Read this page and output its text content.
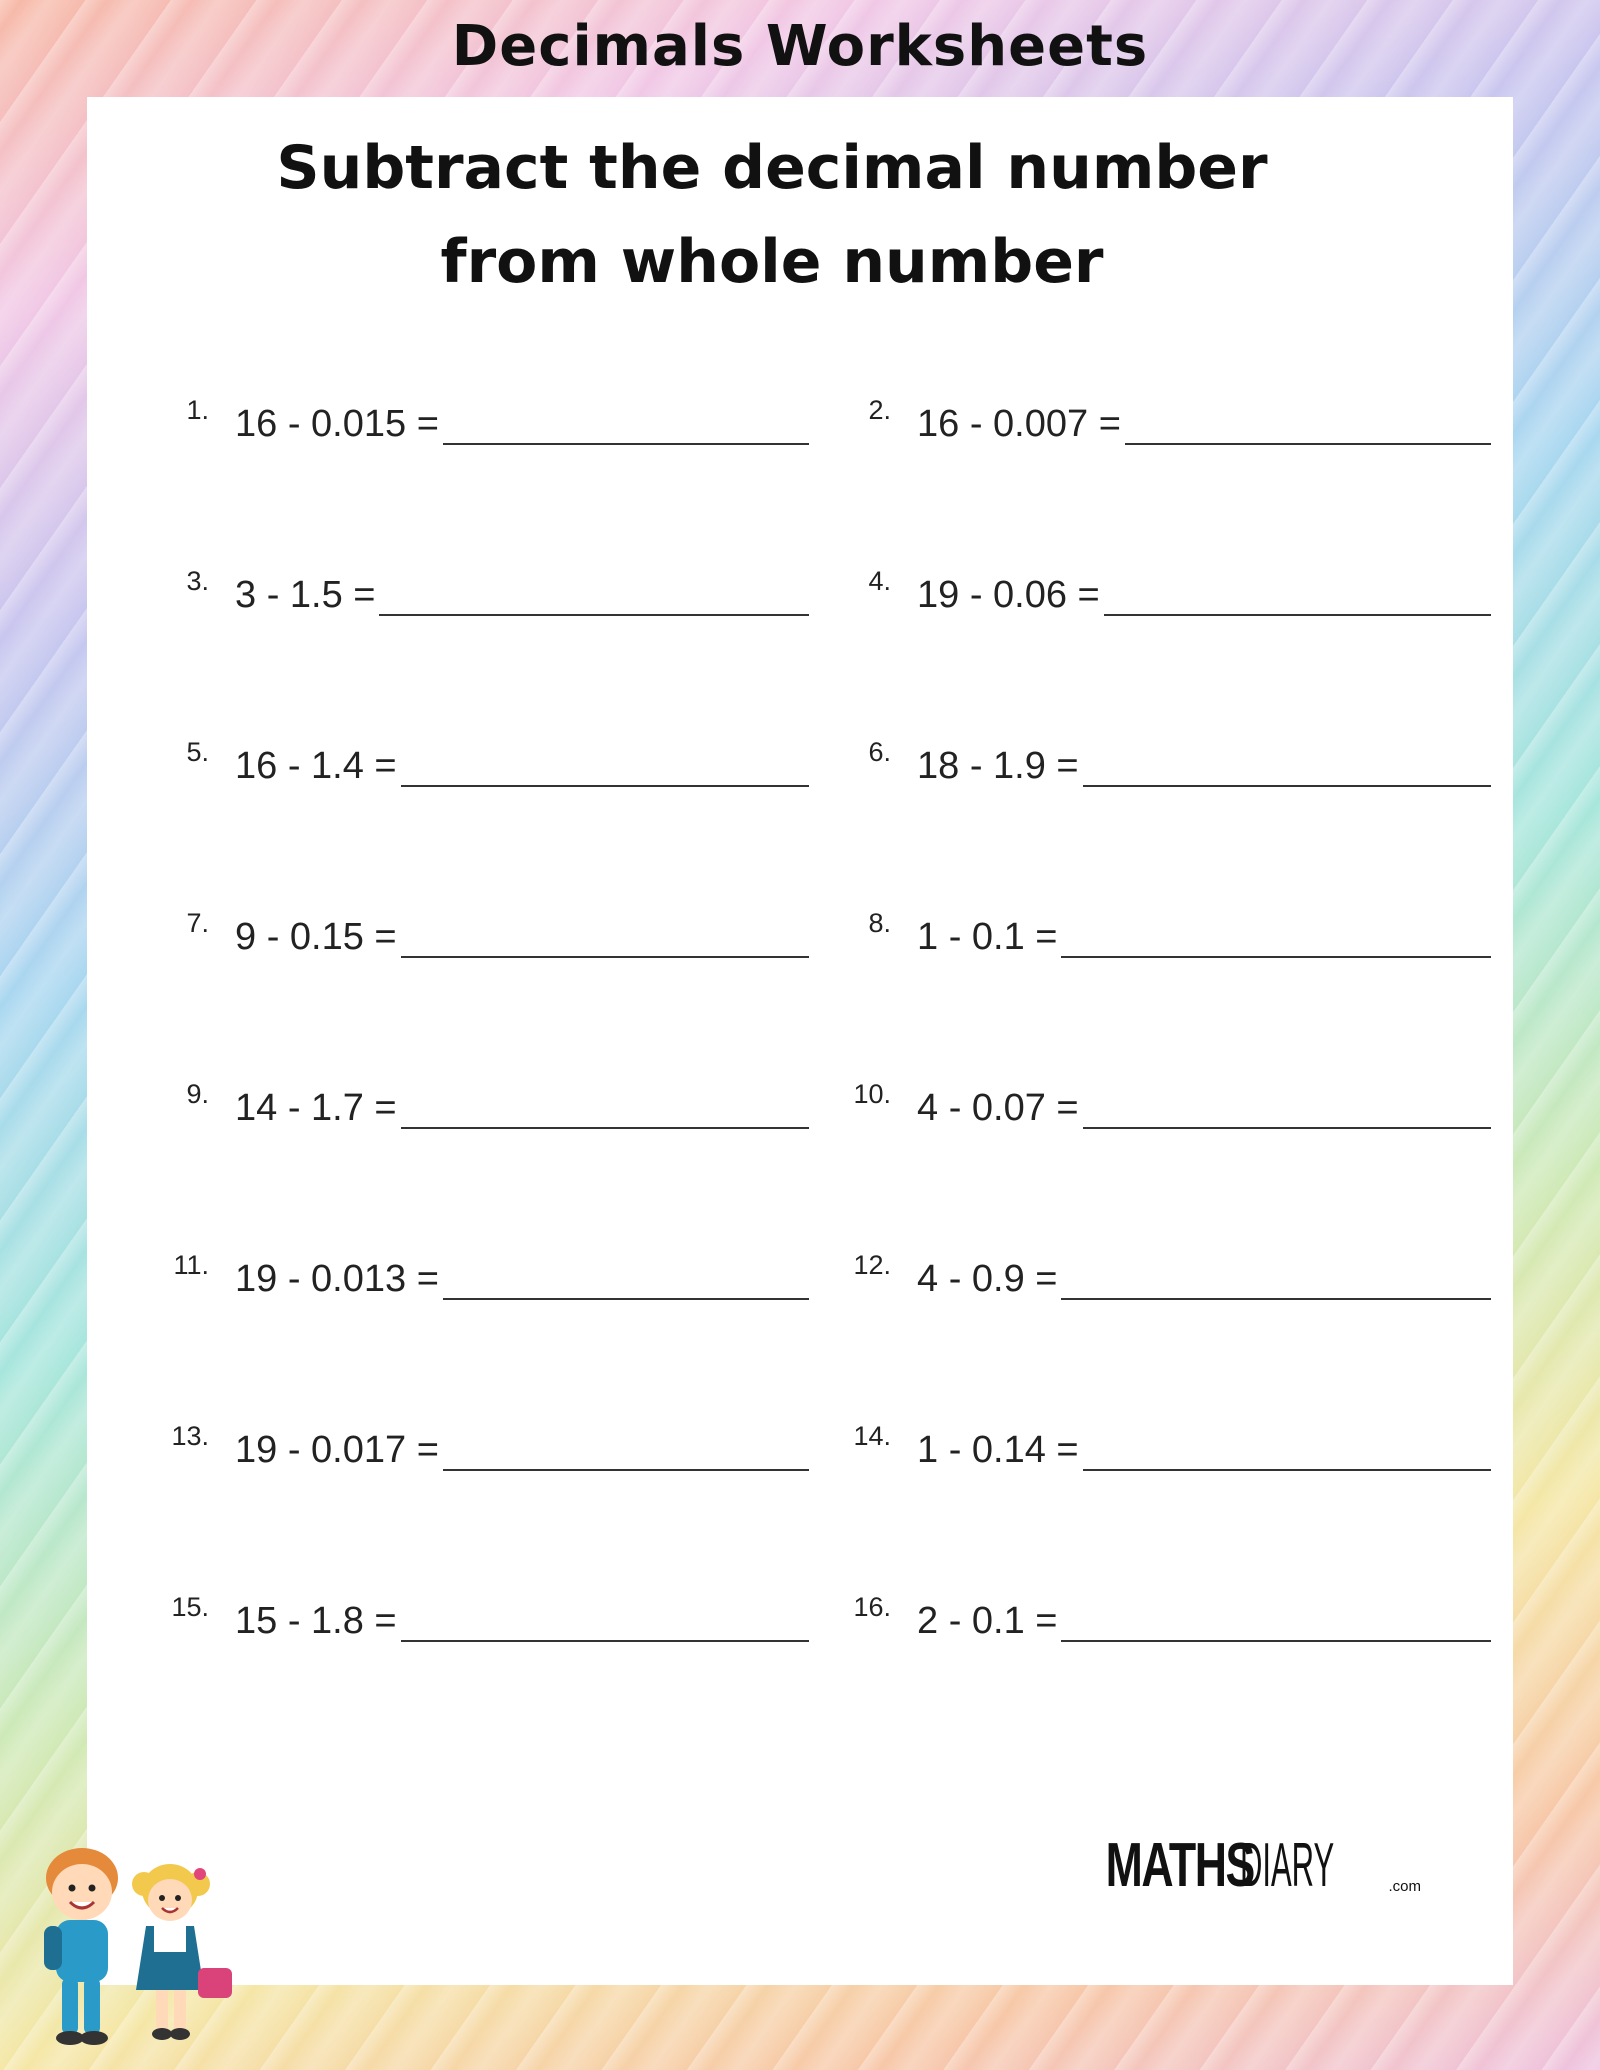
Decimals Worksheets
Subtract the decimal number
from whole number
1. 16 - 0.015 =	2. 16 - 0.007 =
3. 3 - 1.5 =	4. 19 - 0.06 =
5. 16 - 1.4 =	6. 18 - 1.9 =
7. 9 - 0.15 =	8. 1 - 0.1 =
9. 14 - 1.7 =	10. 4 - 0.07 =
11. 19 - 0.013 =	12. 4 - 0.9 =
13. 19 - 0.017 =	14. 1 - 0.14 =
15. 15 - 1.8 =	16. 2 - 0.1 =
MATHS
DIARY	.com
